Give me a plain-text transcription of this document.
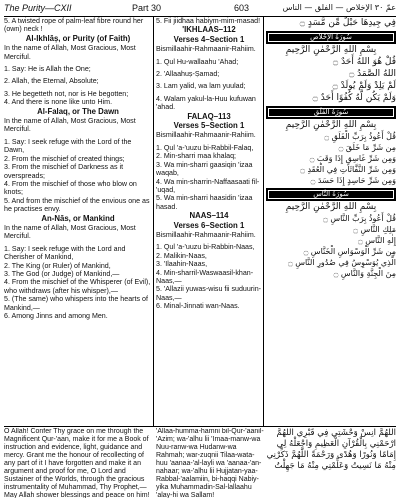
The Purity—CXII	Part 30	603	عمّ ٣٠ الإخلاص — الفلق — الناس

5. A twisted rope of palm-leaf fibre round her (own) neck !

Al-Ikhlāṣ, or Purity (of Faith)

In the name of Allah, Most Gracious, Most Merciful.

1. Say: He is Allah the One;

2. Allah, the Eternal, Absolute;

3. He begetteth not, nor is He begotten;

4. And there is none like unto Him.

Al-Falaq, or The Dawn

In the name of Allah, Most Gracious, Most Merciful.

1. Say: I seek refuge with the Lord of the Dawn,

2. From the mischief of created things;

3. From the mischief of Darkness as it overspreads;

4. From the mischief of those who blow on knots;

5. And from the mischief of the envious one as he practises envy.

An-Nās, or Mankind

In the name of Allah, Most Gracious, Most Merciful.

1. Say: I seek refuge with the Lord and Cherisher of Mankind,

2. The King (or Ruler) of Mankind,

3. The God (or Judge) of Mankind,—

4. From the mischief of the Whisperer (of Evil), who withdraws (after his whisper),—

5. (The same) who whispers into the hearts of Mankind,—

6. Among Jinns and among Men.

5. Fii jiidhaa habiym-mim-masad!

'IKHLAAS–112

Verses 4–Section 1

Bismillaahir-Rahmaanir-Rahiim.

1. Qul Hu-wallaahu 'Ahad;

2. 'Allaahuṣ-Ṣamad;

3. Lam yalid, wa lam yuulad;

4. Walam yakul-la-Huu kufuwan 'ahad.

FALAQ–113

Verses 5–Section 1

Bismillaahir-Rahmaanir-Rahiim.

1. Qul 'a-'uuzu bi-Rabbil-Falaq,

2. Min-sharri maa khalaq;

3. Wa min-sharri gaasiqin 'izaa waqab,

4. Wa min-sharrin-Naffaasaati fil-'uqad,

5. Wa min-sharri haasidin 'izaa hasad.

NAAS–114

Verses 6–Section 1

Bismillaahir-Rahmaanir-Rahiim.

1. Qul 'a-'uuzu bi-Rabbin-Naas,

2. Malikin-Naas,

3. 'Ilaahin-Naas,

4. Min-sharril-Waswaasil-khan-Naas,—

5. 'Allazii yuwas-wisu fii suduurin-Naas,—

6. Minal-Jinnati wan-Naas.

فِي جِيدِهَا حَبْلٌ مِّن مَّسَدٍ ۝

سُورَةُ الإِخْلاصِ

بِسْمِ اللهِ الرَّحْمٰنِ الرَّحِيمِ

قُلْ هُوَ اللهُ أَحَدٌ ۝

اللهُ الصَّمَدُ ۝

لَمْ يَلِدْ وَلَمْ يُولَدْ ۝

وَلَمْ يَكُن لَّهُ كُفُوًا أَحَدٌ ۝

سُورَةُ الفَلَقِ

بِسْمِ اللهِ الرَّحْمٰنِ الرَّحِيمِ

قُلْ أَعُوذُ بِرَبِّ الْفَلَقِ ۝

مِن شَرِّ مَا خَلَقَ ۝

وَمِن شَرِّ غَاسِقٍ إِذَا وَقَبَ ۝

وَمِن شَرِّ النَّفَّاثَاتِ فِي الْعُقَدِ ۝

وَمِن شَرِّ حَاسِدٍ إِذَا حَسَدَ ۝

سُورَةُ النَّاسِ

بِسْمِ اللهِ الرَّحْمٰنِ الرَّحِيمِ

قُلْ أَعُوذُ بِرَبِّ النَّاسِ ۝

مَلِكِ النَّاسِ ۝

إِلٰهِ النَّاسِ ۝

مِن شَرِّ الْوَسْوَاسِ الْخَنَّاسِ ۝

الَّذِي يُوَسْوِسُ فِي صُدُورِ النَّاسِ ۝

مِنَ الْجِنَّةِ وَالنَّاسِ ۝

O Allah! Confer Thy grace on me through the Magnificent Qur-'aan, make it for me a Book of instruction and evidence, light, guidance and mercy. Grant me the honour of recollecting of any part of it I have forgotten and make it an argument and proof for me, O Lord and Sustainer of the Worlds, through the gracious instrumentality of Muhammad, Thy Prophet,—May Allah shower blessings and peace on him!
'Allaa-humma-hamni bil-Qur-'aanil-'Azim; wa-'alhu lii 'Imaa-manw-wa Nuu-ranw-wa Hudanw-wa Rahmah; war-zuqnii Tilaa-wata-huu 'aanaa-'al-layli wa 'aanaa-'an-nahaar; wa-'alhu lii Hujjatan-yaa-Rabbal-'aalamiin, bi-haqqi Nabiy-yika Muhammadin-Sal-lallaahu 'alay-hi wa Sallam!
اللَّهُمَّ آنِسْ وَحْشَتِي فِي قَبْرِي اللَّهُمَّ ارْحَمْنِي بِالْقُرْآنِ الْعَظِيمِ وَاجْعَلْهُ لِي إِمَامًا وَنُورًا وَهُدًى وَرَحْمَةً اللَّهُمَّ ذَكِّرْنِي مِنْهُ مَا نَسِيتُ وَعَلِّمْنِي مِنْهُ مَا جَهِلْتُ
